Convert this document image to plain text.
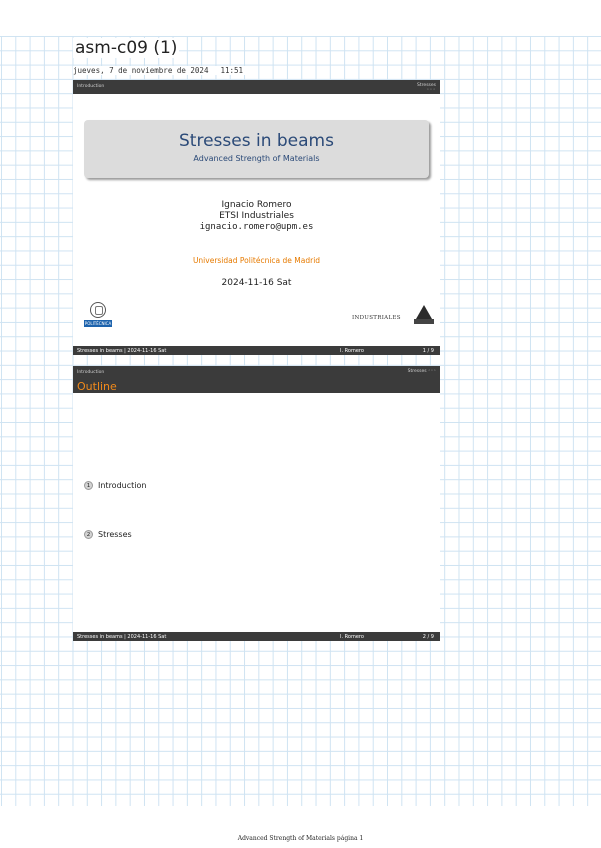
asm-c09 (1)
jueves, 7 de noviembre de 2024 11:51
Introduction	Stresses
◦◦◦
Stresses in beams
Advanced Strength of Materials
Ignacio Romero
ETSI Industriales
ignacio.romero@upm.es
Universidad Politécnica de Madrid
2024-11-16 Sat
POLITÉCNICA
INDUSTRIALES
Stresses in beams | 2024-11-16 Sat	I. Romero	1 / 9
Introduction	Stresses ◦◦◦
Outline
1 Introduction
2 Stresses
Stresses in beams | 2024-11-16 Sat	I. Romero	2 / 9
Advanced Strength of Materials página 1
